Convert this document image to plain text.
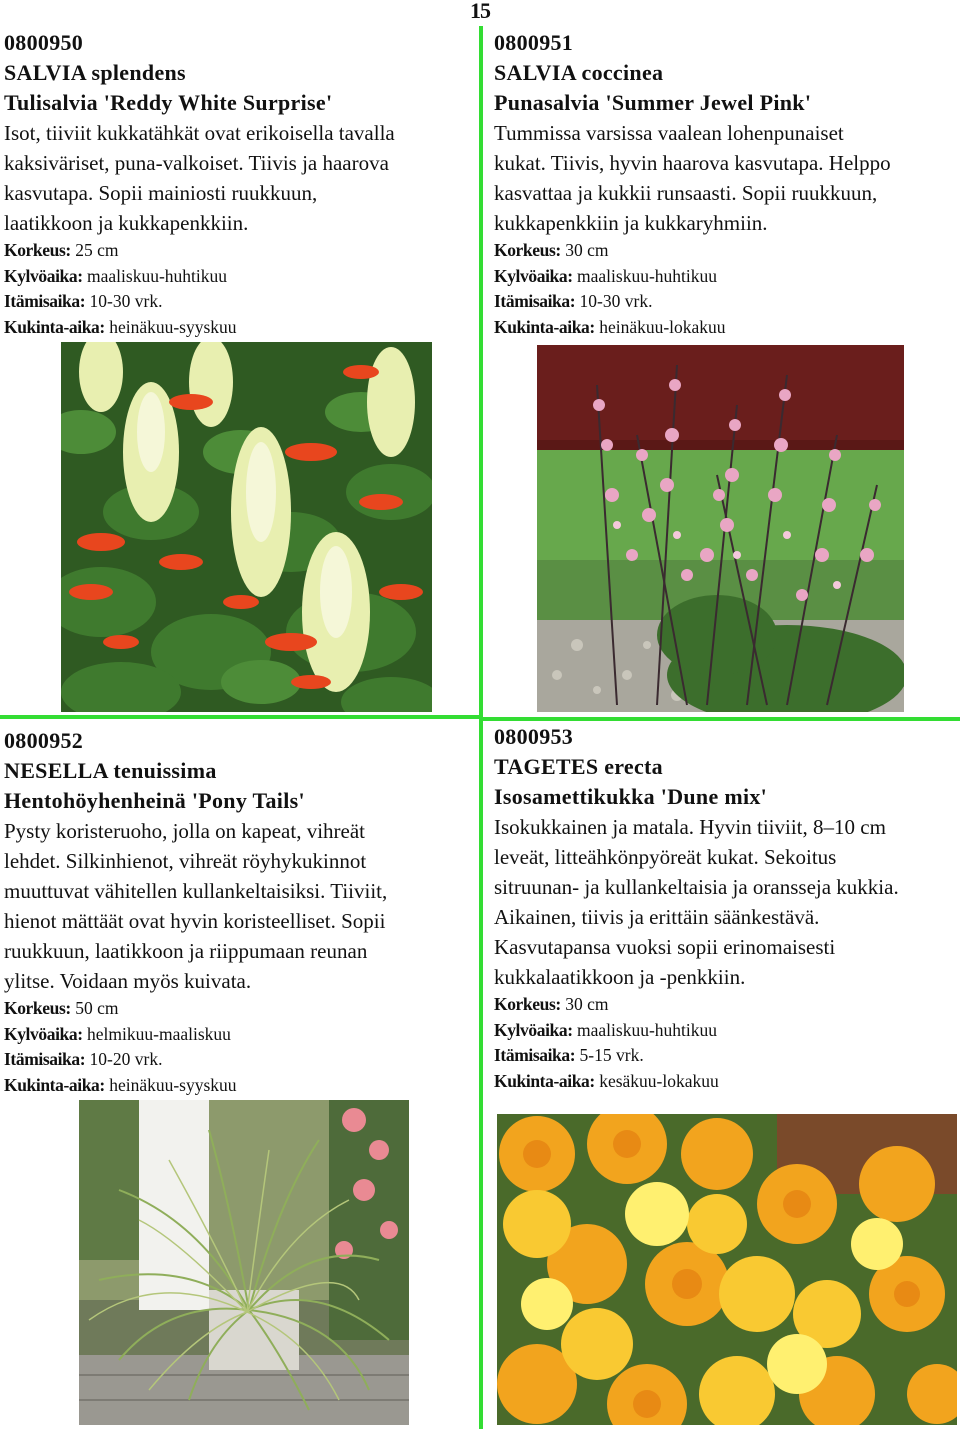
15
0800950
SALVIA splendens
Tulisalvia 'Reddy White Surprise'
Isot, tiiviit kukkatähkät ovat erikoisella tavalla
kaksiväriset, puna-valkoiset. Tiivis ja haarova
kasvutapa. Sopii mainiosti ruukkuun,
laatikkoon ja kukkapenkkiin.
Korkeus: 25 cm
Kylvöaika: maaliskuu-huhtikuu
Itämisaika: 10-30 vrk.
Kukinta-aika: heinäkuu-syyskuu
0800951
SALVIA coccinea
Punasalvia 'Summer Jewel Pink'
Tummissa varsissa vaalean lohenpunaiset
kukat. Tiivis, hyvin haarova kasvutapa. Helppo
kasvattaa ja kukkii runsaasti. Sopii ruukkuun,
kukkapenkkiin ja kukkaryhmiin.
Korkeus: 30 cm
Kylvöaika: maaliskuu-huhtikuu
Itämisaika: 10-30 vrk.
Kukinta-aika: heinäkuu-lokakuu
0800952
NESELLA tenuissima
Hentohöyhenheinä 'Pony Tails'
Pysty koristeruoho, jolla on kapeat, vihreät
lehdet. Silkinhienot, vihreät röyhykukinnot
muuttuvat vähitellen kullankeltaisiksi. Tiiviit,
hienot mättäät ovat hyvin koristeelliset. Sopii
ruukkuun, laatikkoon ja riippumaan reunan
ylitse. Voidaan myös kuivata.
Korkeus: 50 cm
Kylvöaika: helmikuu-maaliskuu
Itämisaika: 10-20 vrk.
Kukinta-aika: heinäkuu-syyskuu
0800953
TAGETES erecta
Isosamettikukka 'Dune mix'
Isokukkainen ja matala. Hyvin tiiviit, 8–10 cm
leveät, litteähkönpyöreät kukat. Sekoitus
sitruunan- ja kullankeltaisia ja oransseja kukkia.
Aikainen, tiivis ja erittäin säänkestävä.
Kasvutapansa vuoksi sopii erinomaisesti
kukkalaatikkoon ja -penkkiin.
Korkeus: 30 cm
Kylvöaika: maaliskuu-huhtikuu
Itämisaika: 5-15 vrk.
Kukinta-aika: kesäkuu-lokakuu
